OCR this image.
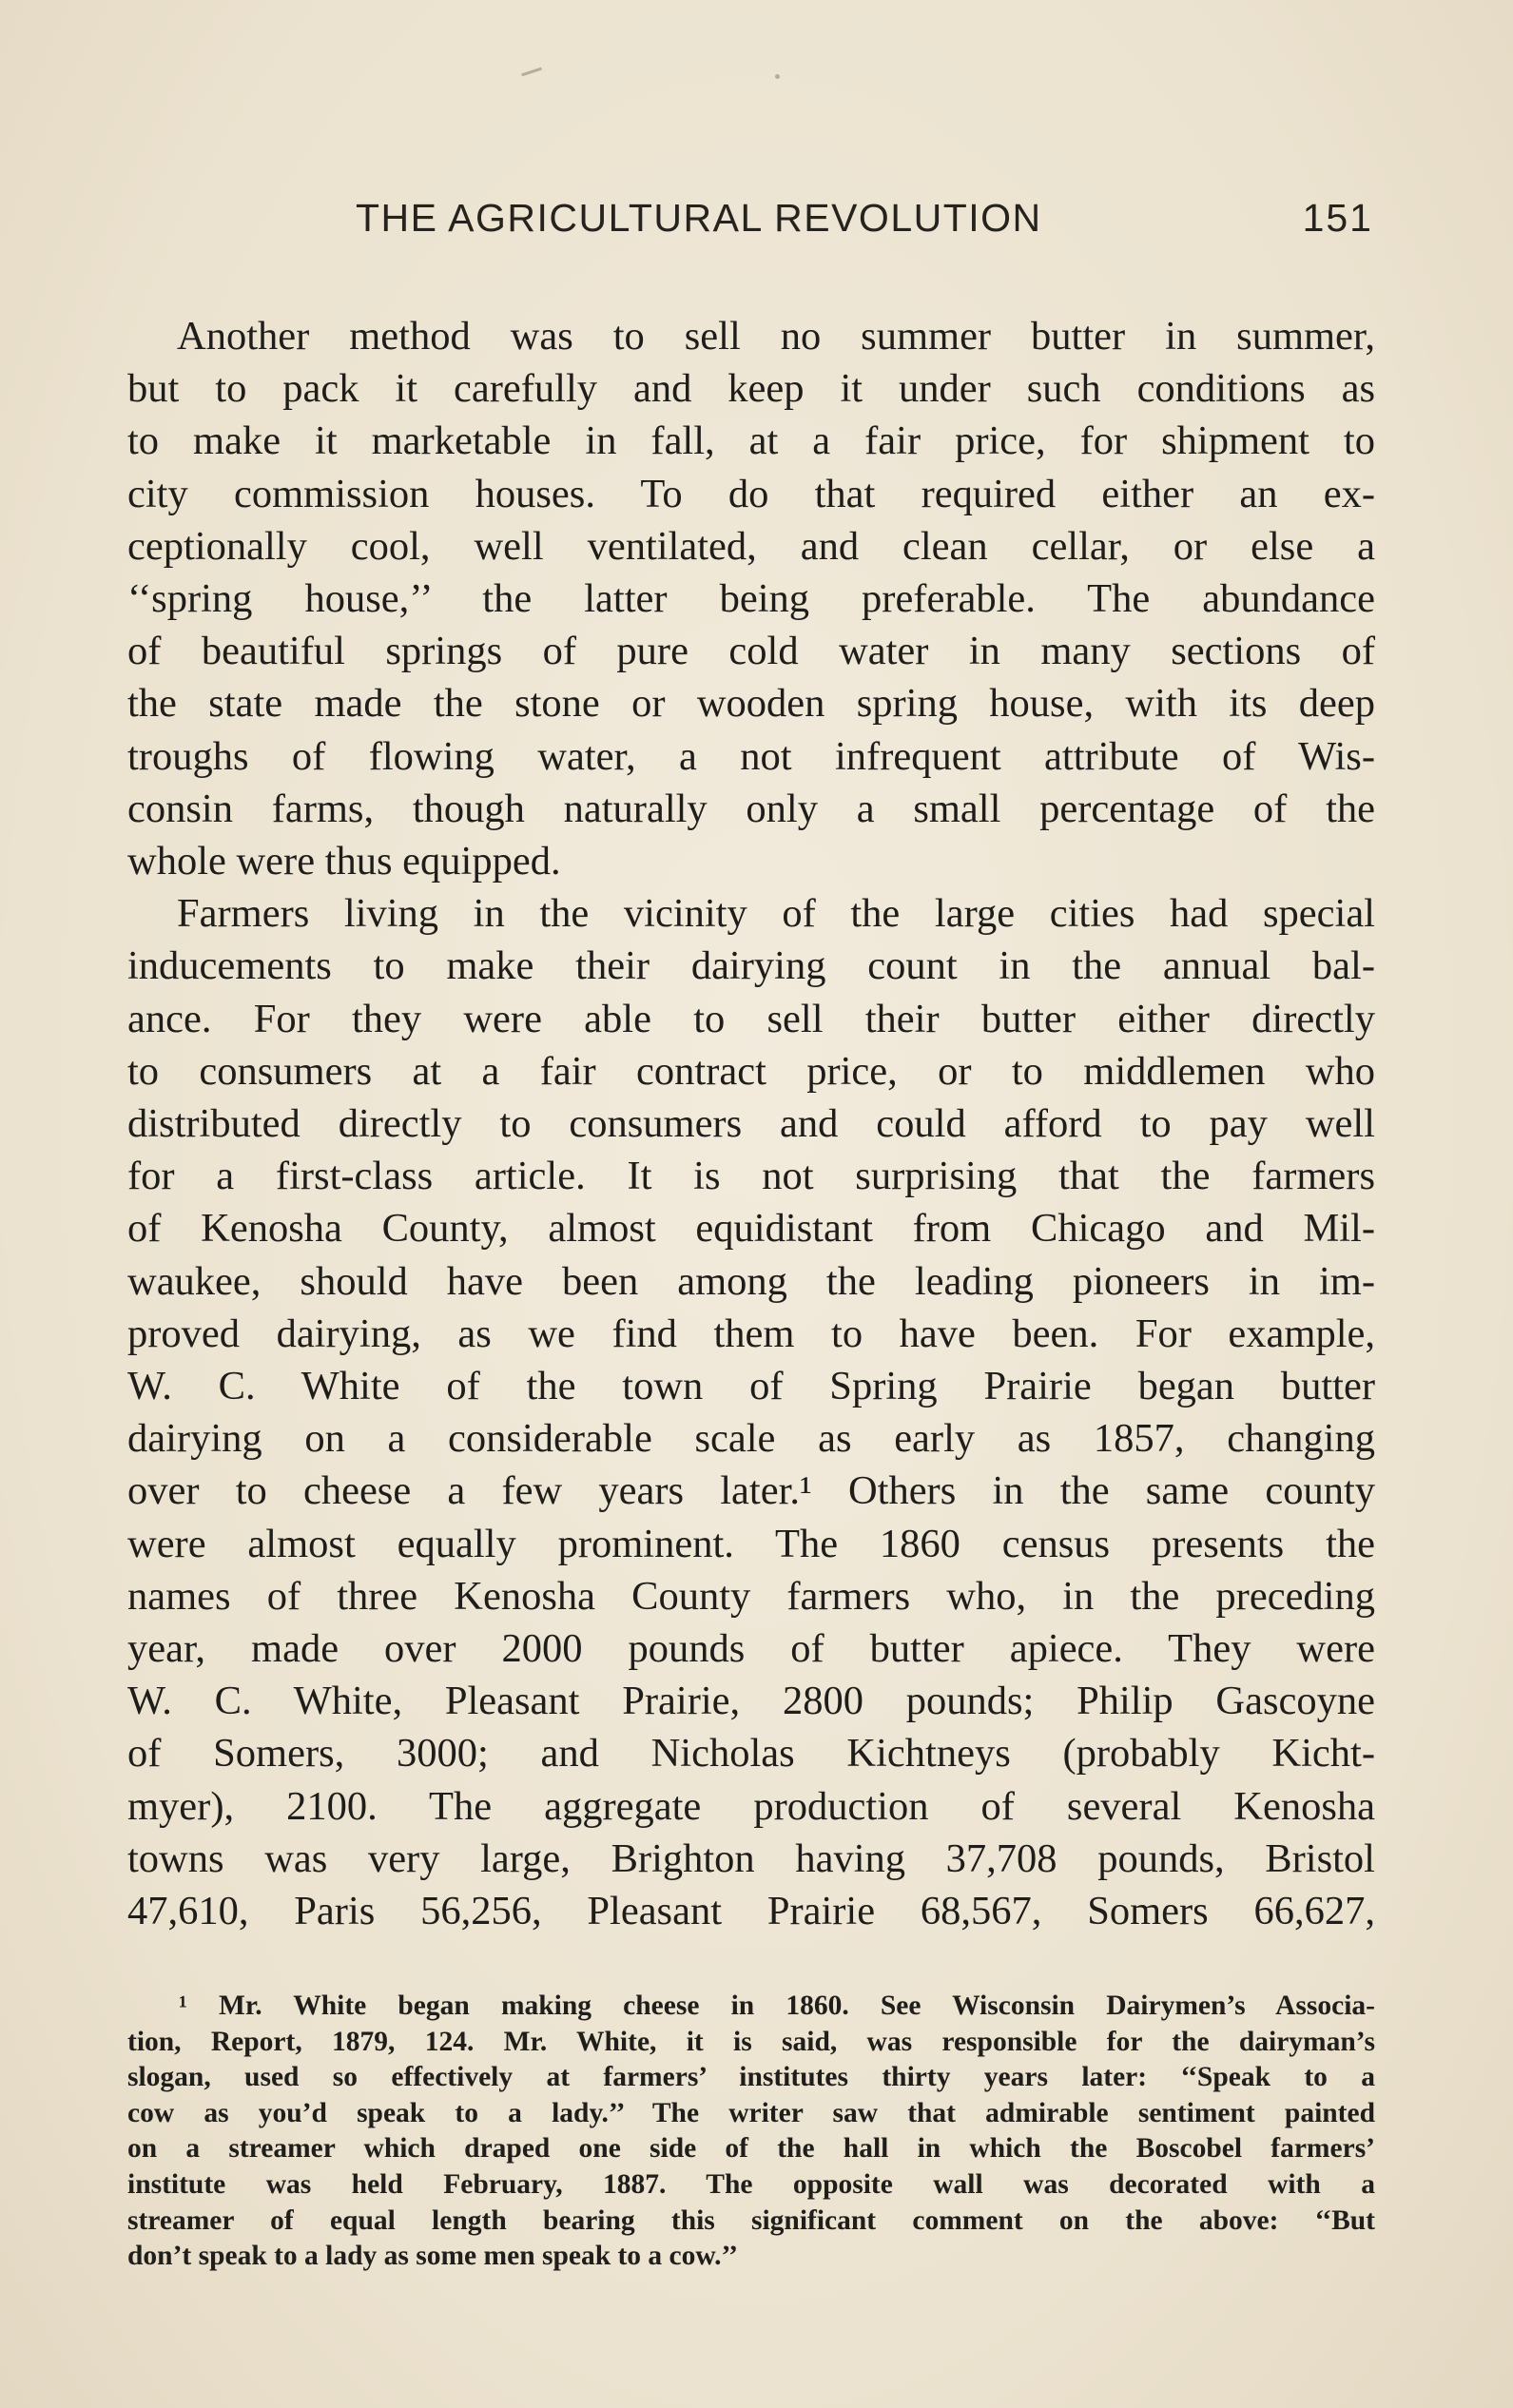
THE AGRICULTURAL REVOLUTION	151

Another method was to sell no summer butter in summer,
but to pack it carefully and keep it under such conditions as
to make it marketable in fall, at a fair price, for shipment to
city commission houses. To do that required either an ex-
ceptionally cool, well ventilated, and clean cellar, or else a
‘‘spring house,’’ the latter being preferable. The abundance
of beautiful springs of pure cold water in many sections of
the state made the stone or wooden spring house, with its deep
troughs of flowing water, a not infrequent attribute of Wis-
consin farms, though naturally only a small percentage of the
whole were thus equipped.

Farmers living in the vicinity of the large cities had special
inducements to make their dairying count in the annual bal-
ance. For they were able to sell their butter either directly
to consumers at a fair contract price, or to middlemen who
distributed directly to consumers and could afford to pay well
for a first-class article. It is not surprising that the farmers
of Kenosha County, almost equidistant from Chicago and Mil-
waukee, should have been among the leading pioneers in im-
proved dairying, as we find them to have been. For example,
W. C. White of the town of Spring Prairie began butter
dairying on a considerable scale as early as 1857, changing
over to cheese a few years later.¹ Others in the same county
were almost equally prominent. The 1860 census presents the
names of three Kenosha County farmers who, in the preceding
year, made over 2000 pounds of butter apiece. They were
W. C. White, Pleasant Prairie, 2800 pounds; Philip Gascoyne
of Somers, 3000; and Nicholas Kichtneys (probably Kicht-
myer), 2100. The aggregate production of several Kenosha
towns was very large, Brighton having 37,708 pounds, Bristol
47,610, Paris 56,256, Pleasant Prairie 68,567, Somers 66,627,

¹ Mr. White began making cheese in 1860. See Wisconsin Dairymen’s Associa-
tion, Report, 1879, 124. Mr. White, it is said, was responsible for the dairyman’s
slogan, used so effectively at farmers’ institutes thirty years later: ‘‘Speak to a
cow as you’d speak to a lady.’’ The writer saw that admirable sentiment painted
on a streamer which draped one side of the hall in which the Boscobel farmers’
institute was held February, 1887. The opposite wall was decorated with a
streamer of equal length bearing this significant comment on the above: ‘‘But
don’t speak to a lady as some men speak to a cow.’’
